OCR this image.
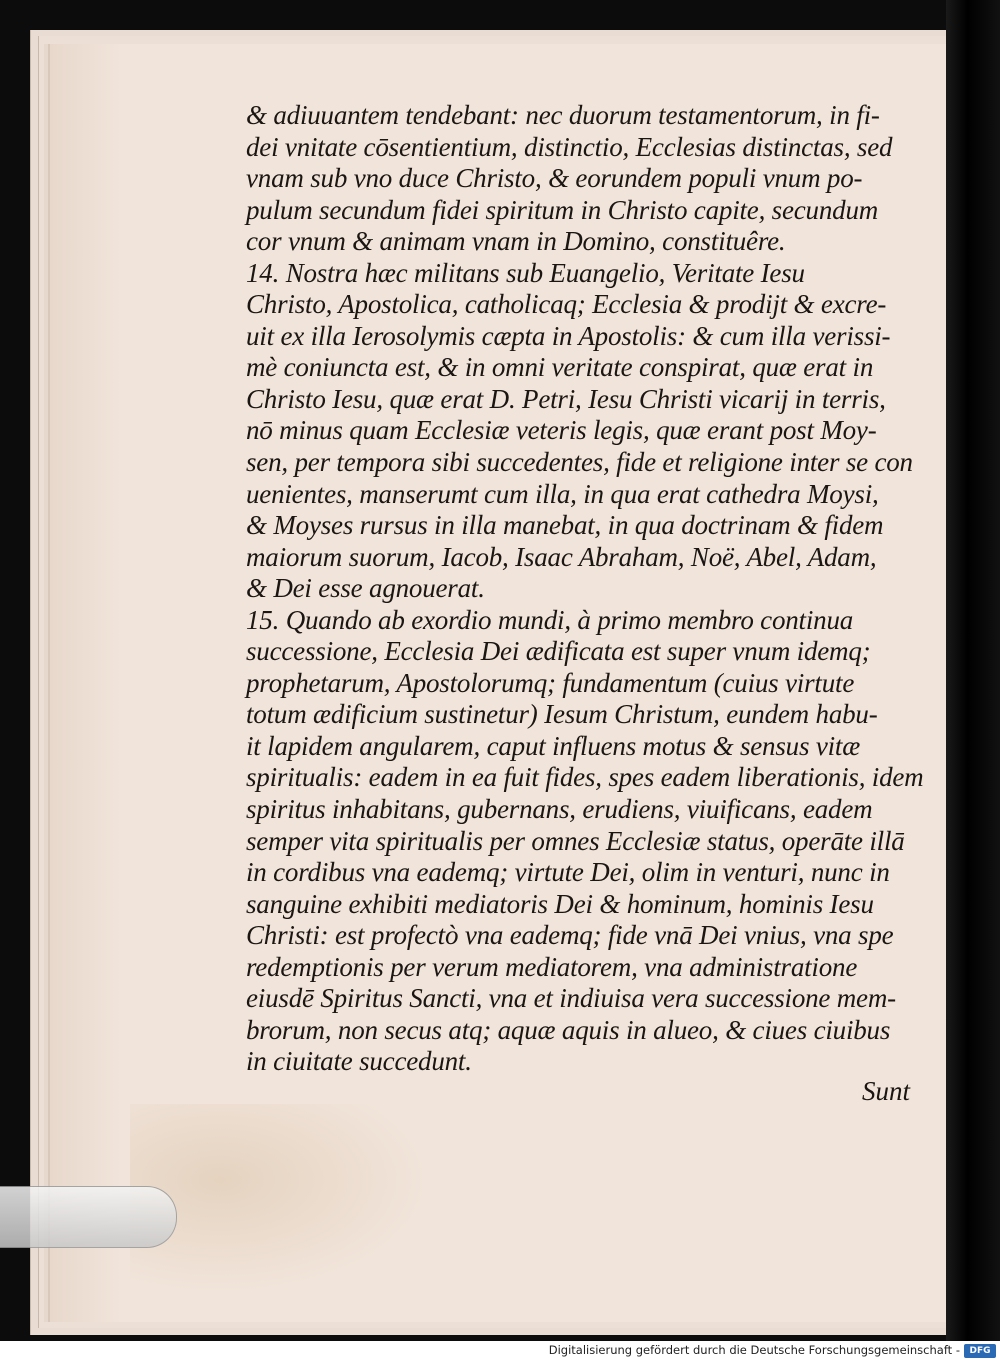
& adiuuantem tendebant: nec duorum testamentorum, in fi-
dei vnitate cōsentientium, distinctio, Ecclesias distinctas, sed
vnam sub vno duce Christo, & eorundem populi vnum po-
pulum secundum fidei spiritum in Christo capite, secundum
cor vnum & animam vnam in Domino, constituêre.
14. Nostra hæc militans sub Euangelio, Veritate Iesu
Christo, Apostolica, catholicaq; Ecclesia & prodijt & excre-
uit ex illa Ierosolymis cæpta in Apostolis: & cum illa verissi-
mè coniuncta est, & in omni veritate conspirat, quæ erat in
Christo Iesu, quæ erat D. Petri, Iesu Christi vicarij in terris,
nō minus quam Ecclesiæ veteris legis, quæ erant post Moy-
sen, per tempora sibi succedentes, fide et religione inter se con
uenientes, manserumt cum illa, in qua erat cathedra Moysi,
& Moyses rursus in illa manebat, in qua doctrinam & fidem
maiorum suorum, Iacob, Isaac Abraham, Noë, Abel, Adam,
& Dei esse agnouerat.
15. Quando ab exordio mundi, à primo membro continua
successione, Ecclesia Dei ædificata est super vnum idemq;
prophetarum, Apostolorumq; fundamentum (cuius virtute
totum ædificium sustinetur) Iesum Christum, eundem habu-
it lapidem angularem, caput influens motus & sensus vitæ
spiritualis: eadem in ea fuit fides, spes eadem liberationis, idem
spiritus inhabitans, gubernans, erudiens, viuificans, eadem
semper vita spiritualis per omnes Ecclesiæ status, operāte illā
in cordibus vna eademq; virtute Dei, olim in venturi, nunc in
sanguine exhibiti mediatoris Dei & hominum, hominis Iesu
Christi: est profectò vna eademq; fide vnā Dei vnius, vna spe
redemptionis per verum mediatorem, vna administratione
eiusdē Spiritus Sancti, vna et indiuisa vera successione mem-
brorum, non secus atq; aquæ aquis in alueo, & ciues ciuibus
in ciuitate succedunt.
Sunt
Digitalisierung gefördert durch die Deutsche Forschungsgemeinschaft -	DFG
